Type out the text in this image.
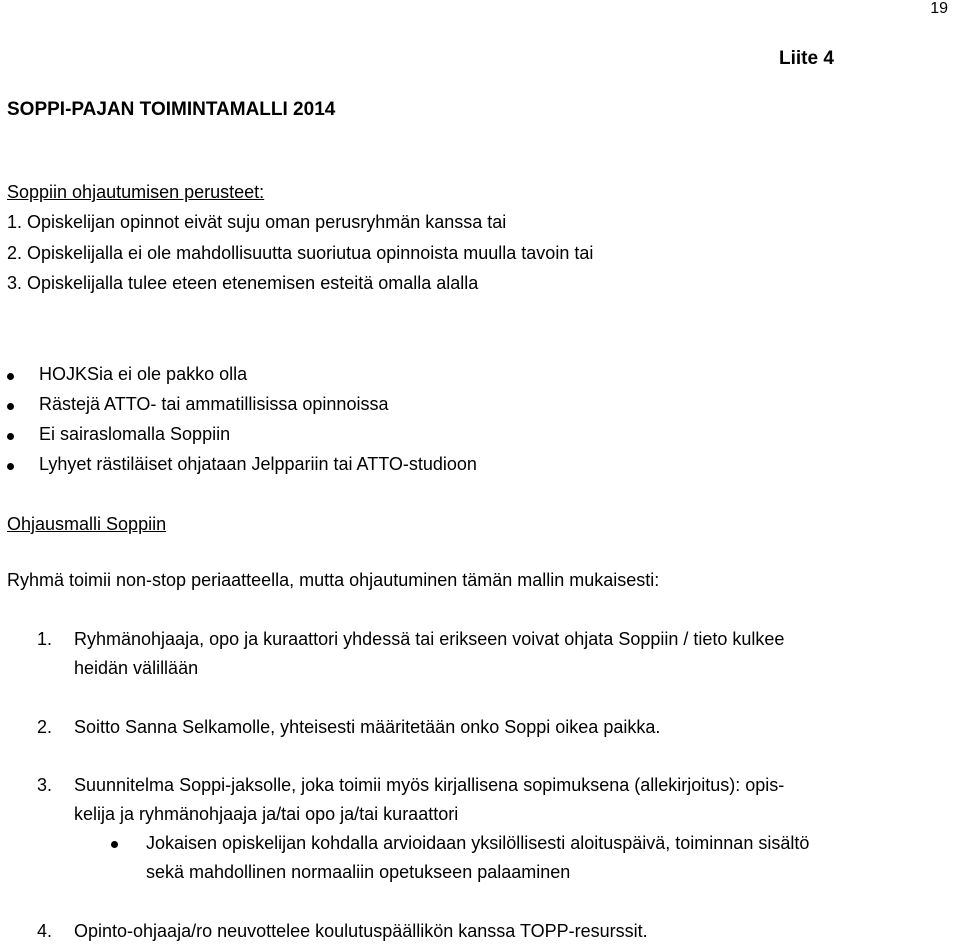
19
Liite 4
SOPPI-PAJAN TOIMINTAMALLI 2014
Soppiin ohjautumisen perusteet:
1. Opiskelijan opinnot eivät suju oman perusryhmän kanssa tai
2. Opiskelijalla ei ole mahdollisuutta suoriutua opinnoista muulla tavoin tai
3. Opiskelijalla tulee eteen etenemisen esteitä omalla alalla
HOJKSia ei ole pakko olla
Rästejä ATTO- tai ammatillisissa opinnoissa
Ei sairaslomalla Soppiin
Lyhyet rästiläiset ohjataan Jelppariin tai ATTO-studioon
Ohjausmalli Soppiin
Ryhmä toimii non-stop periaatteella, mutta ohjautuminen tämän mallin mukaisesti:
1. Ryhmänohjaaja, opo ja kuraattori yhdessä tai erikseen voivat ohjata Soppiin / tieto kulkee
heidän välillään
2. Soitto Sanna Selkamolle, yhteisesti määritetään onko Soppi oikea paikka.
3. Suunnitelma Soppi-jaksolle, joka toimii myös kirjallisena sopimuksena (allekirjoitus): opis-
kelija ja ryhmänohjaaja ja/tai opo ja/tai kuraattori
Jokaisen opiskelijan kohdalla arvioidaan yksilöllisesti aloituspäivä, toiminnan sisältö
sekä mahdollinen normaaliin opetukseen palaaminen
4. Opinto-ohjaaja/ro neuvottelee koulutuspäällikön kanssa TOPP-resurssit.
